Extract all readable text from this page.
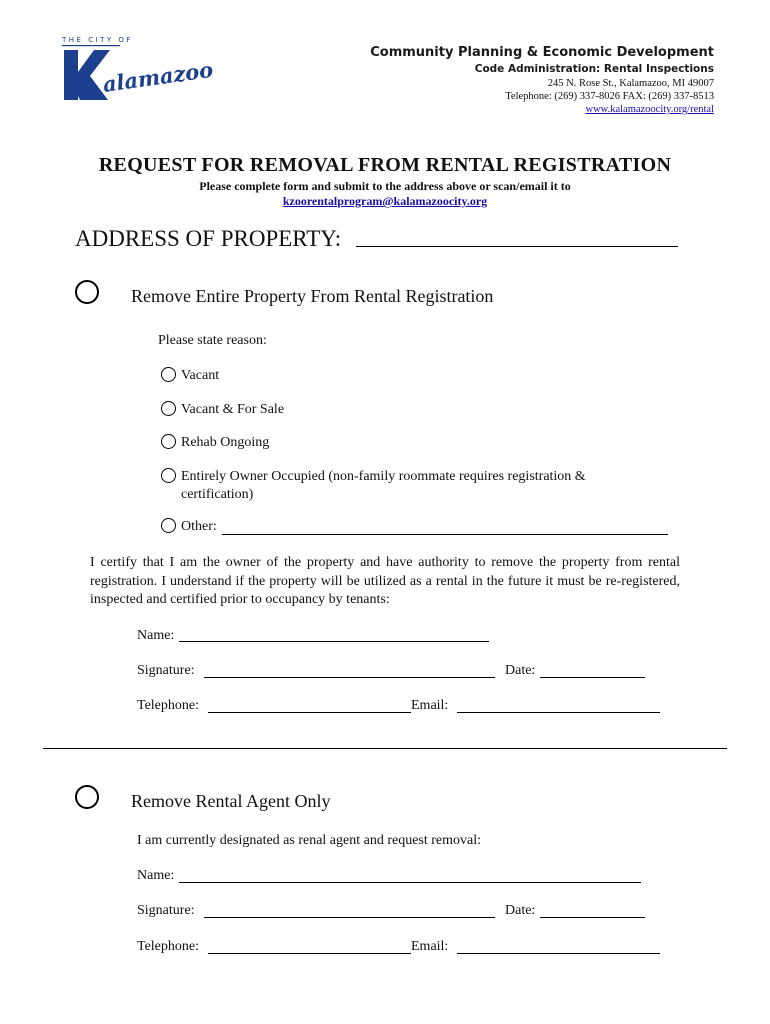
THE CITY OF
alamazoo
Community Planning & Economic Development
Code Administration: Rental Inspections
245 N. Rose St., Kalamazoo, MI 49007
Telephone: (269) 337-8026 FAX: (269) 337-8513
www.kalamazoocity.org/rental
REQUEST FOR REMOVAL FROM RENTAL REGISTRATION
Please complete form and submit to the address above or scan/email it to
kzoorentalprogram@kalamazoocity.org
ADDRESS OF PROPERTY:
Remove Entire Property From Rental Registration
Please state reason:
Vacant
Vacant & For Sale
Rehab Ongoing
Entirely Owner Occupied (non-family roommate requires registration &
certification)
Other:
I certify that I am the owner of the property and have authority to remove the property from rental registration. I understand if the property will be utilized as a rental in the future it must be re-registered, inspected and certified prior to occupancy by tenants:
Name:
Signature:	Date:
Telephone:	Email:
Remove Rental Agent Only
I am currently designated as renal agent and request removal:
Name:
Signature:	Date:
Telephone:	Email:
